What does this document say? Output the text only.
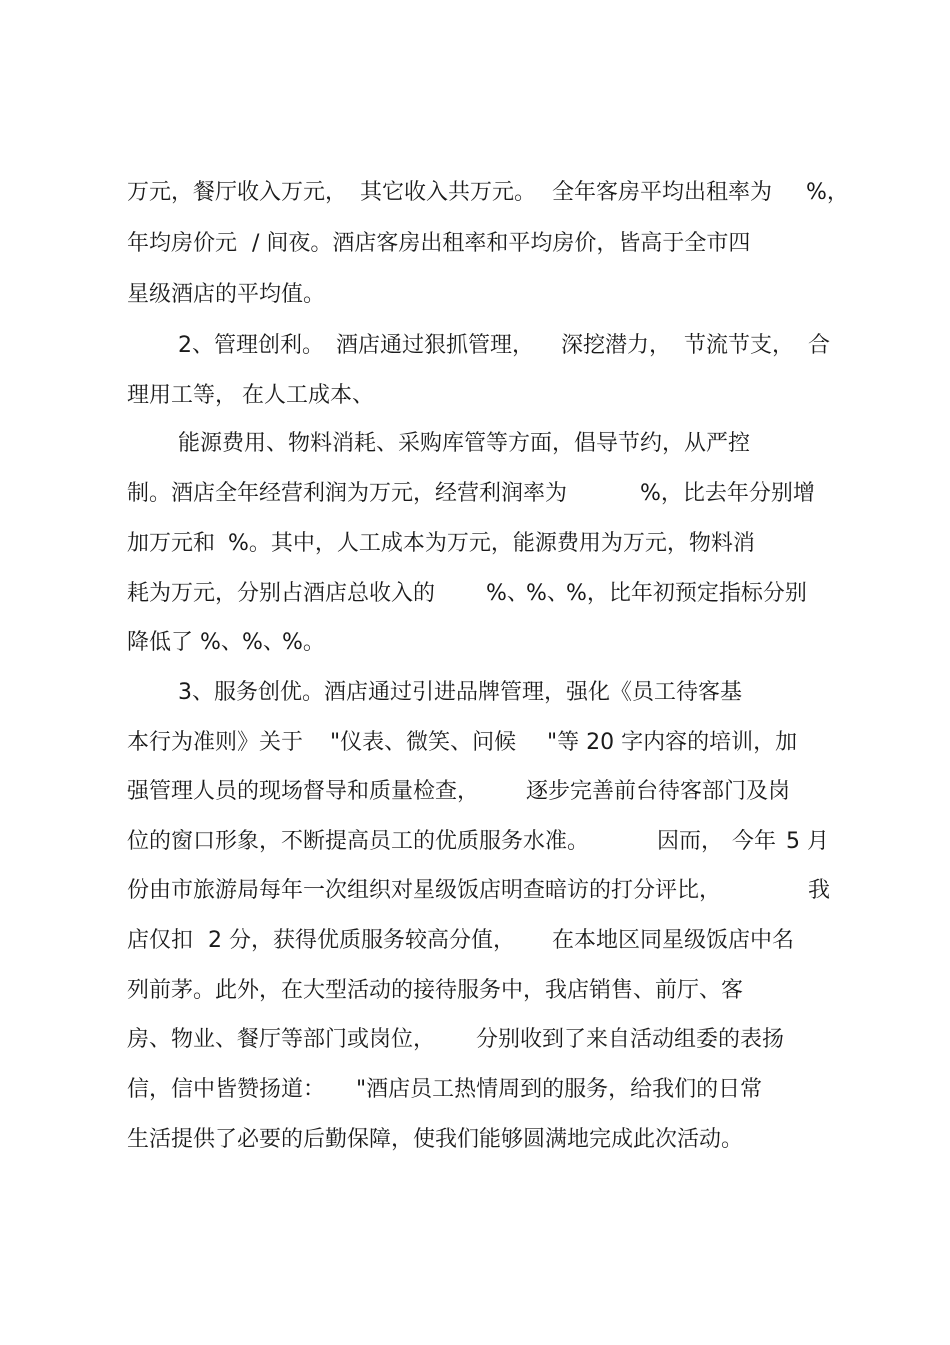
万元，餐厅收入万元， 其它收入共万元。 全年客房平均出租率为 %，
年均房价元 / 间夜。酒店客房出租率和平均房价，皆高于全市四
星级酒店的平均值。
2、管理创利。 酒店通过狠抓管理， 深挖潜力， 节流节支， 合
理用工等， 在人工成本、
能源费用、物料消耗、采购库管等方面，倡导节约，从严控
制。酒店全年经营利润为万元，经营利润率为	%，比去年分别增
加万元和 %。其中，人工成本为万元，能源费用为万元，物料消
耗为万元，分别占酒店总收入的 %、
%、
%，比年初预定指标分别
降低了 %、 %、
%。
3、服务创优。酒店通过引进品牌管理，强化《员工待客基
本行为准则》关于 "仪表、微笑、问候 "等 20 字内容的培训，加
强管理人员的现场督导和质量检查， 逐步完善前台待客部门及岗
位的窗口形象，不断提高员工的优质服务水准。	因而， 今年 5 月
份由市旅游局每年一次组织对星级饭店明查暗访的打分评比，	我
店仅扣 2 分，获得优质服务较高分值， 在本地区同星级饭店中名
列前茅。此外，在大型活动的接待服务中，我店销售、前厅、客
房、物业、餐厅等部门或岗位， 分别收到了来自活动组委的表扬
信，信中皆赞扬道： "酒店员工热情周到的服务，给我们的日常
生活提供了必要的后勤保障，使我们能够圆满地完成此次活动。
